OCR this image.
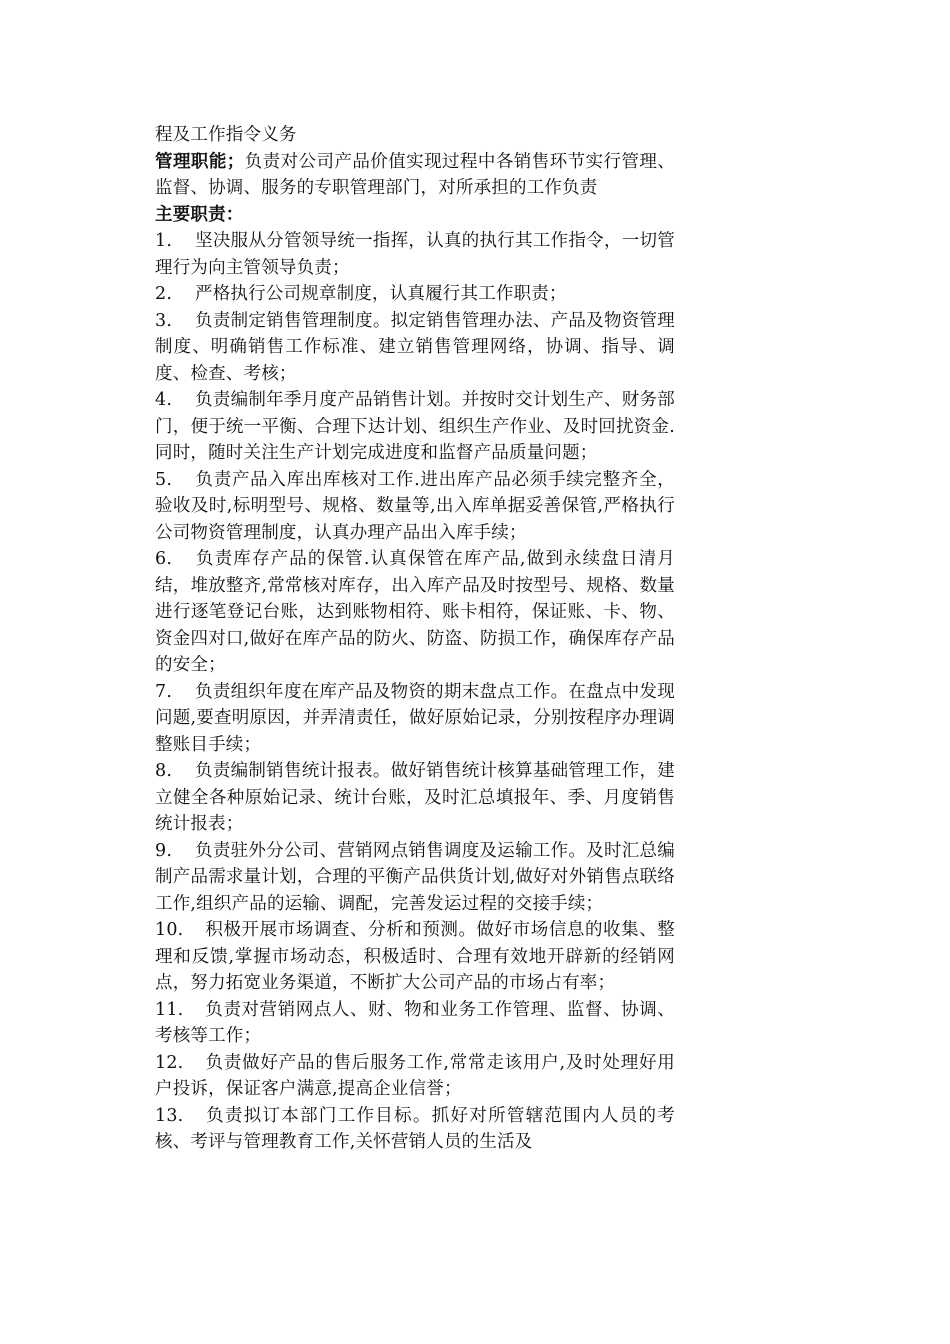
程及工作指令义务

管理职能；负责对公司产品价值实现过程中各销售环节实行管理、监督、协调、服务的专职管理部门，对所承担的工作负责

主要职责：

1. 坚决服从分管领导统一指挥，认真的执行其工作指令，一切管理行为向主管领导负责；

2. 严格执行公司规章制度，认真履行其工作职责；

3. 负责制定销售管理制度。拟定销售管理办法、产品及物资管理制度、明确销售工作标准、建立销售管理网络，协调、指导、调度、检查、考核；

4. 负责编制年季月度产品销售计划。并按时交计划生产、财务部门，便于统一平衡、合理下达计划、组织生产作业、及时回扰资金.同时，随时关注生产计划完成进度和监督产品质量问题；

5. 负责产品入库出库核对工作.进出库产品必须手续完整齐全，验收及时,标明型号、规格、数量等,出入库单据妥善保管,严格执行公司物资管理制度，认真办理产品出入库手续；

6. 负责库存产品的保管.认真保管在库产品,做到永续盘日清月结，堆放整齐,常常核对库存，出入库产品及时按型号、规格、数量进行逐笔登记台账，达到账物相符、账卡相符，保证账、卡、物、资金四对口,做好在库产品的防火、防盗、防损工作，确保库存产品的安全；

7. 负责组织年度在库产品及物资的期末盘点工作。在盘点中发现问题,要查明原因，并弄清责任，做好原始记录，分别按程序办理调整账目手续；

8. 负责编制销售统计报表。做好销售统计核算基础管理工作，建立健全各种原始记录、统计台账，及时汇总填报年、季、月度销售统计报表；

9. 负责驻外分公司、营销网点销售调度及运输工作。及时汇总编制产品需求量计划，合理的平衡产品供货计划,做好对外销售点联络工作,组织产品的运输、调配，完善发运过程的交接手续；

10. 积极开展市场调查、分析和预测。做好市场信息的收集、整理和反馈,掌握市场动态，积极适时、合理有效地开辟新的经销网点，努力拓宽业务渠道，不断扩大公司产品的市场占有率；

11. 负责对营销网点人、财、物和业务工作管理、监督、协调、考核等工作；

12. 负责做好产品的售后服务工作,常常走该用户,及时处理好用户投诉，保证客户满意,提高企业信誉；

13. 负责拟订本部门工作目标。抓好对所管辖范围内人员的考核、考评与管理教育工作,关怀营销人员的生活及
